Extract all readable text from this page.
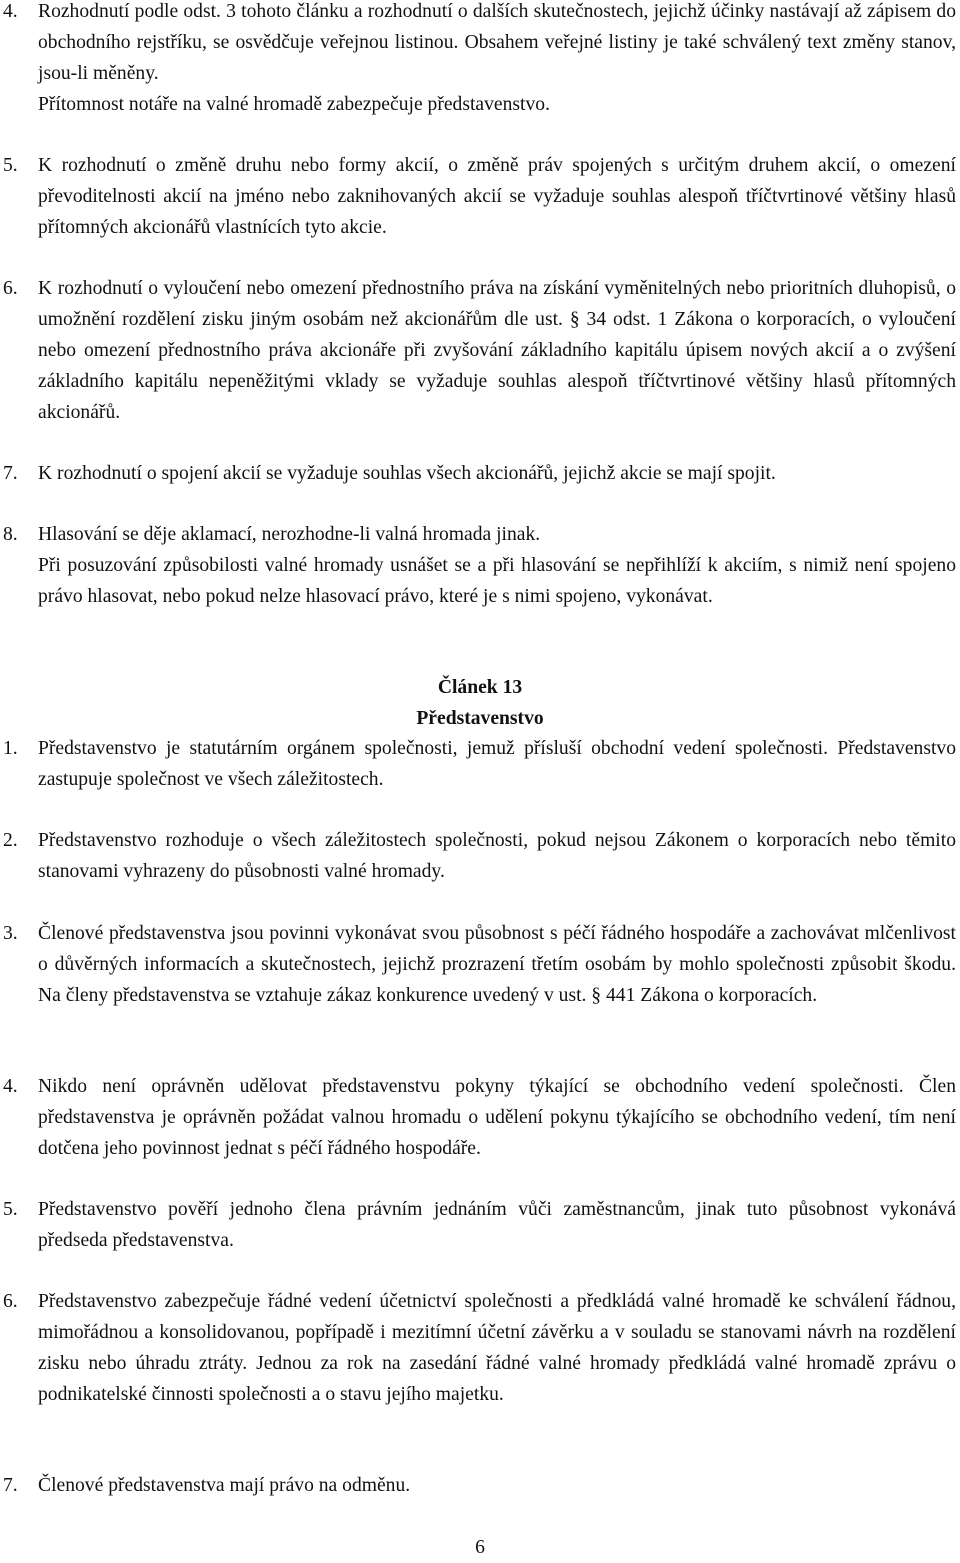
4. Rozhodnutí podle odst. 3 tohoto článku a rozhodnutí o dalších skutečnostech, jejichž účinky nastávají až zápisem do obchodního rejstříku, se osvědčuje veřejnou listinou. Obsahem veřejné listiny je také schválený text změny stanov, jsou-li měněny.

Přítomnost notáře na valné hromadě zabezpečuje představenstvo.

5. K rozhodnutí o změně druhu nebo formy akcií, o změně práv spojených s určitým druhem akcií, o omezení převoditelnosti akcií na jméno nebo zaknihovaných akcií se vyžaduje souhlas alespoň tříčtvrtinové většiny hlasů přítomných akcionářů vlastnících tyto akcie.

6. K rozhodnutí o vyloučení nebo omezení přednostního práva na získání vyměnitelných nebo prioritních dluhopisů, o umožnění rozdělení zisku jiným osobám než akcionářům dle ust. § 34 odst. 1 Zákona o korporacích, o vyloučení nebo omezení přednostního práva akcionáře při zvyšování základního kapitálu úpisem nových akcií a o zvýšení základního kapitálu nepeněžitými vklady se vyžaduje souhlas alespoň tříčtvrtinové většiny hlasů přítomných akcionářů.

7. K rozhodnutí o spojení akcií se vyžaduje souhlas všech akcionářů, jejichž akcie se mají spojit.

8. Hlasování se děje aklamací, nerozhodne-li valná hromada jinak.

Při posuzování způsobilosti valné hromady usnášet se a při hlasování se nepřihlíží k akciím, s nimiž není spojeno právo hlasovat, nebo pokud nelze hlasovací právo, které je s nimi spojeno, vykonávat.

Článek 13
Představenstvo
1. Představenstvo je statutárním orgánem společnosti, jemuž přísluší obchodní vedení společnosti. Představenstvo zastupuje společnost ve všech záležitostech.

2. Představenstvo rozhoduje o všech záležitostech společnosti, pokud nejsou Zákonem o korporacích nebo těmito stanovami vyhrazeny do působnosti valné hromady.

3. Členové představenstva jsou povinni vykonávat svou působnost s péčí řádného hospodáře a zachovávat mlčenlivost o důvěrných informacích a skutečnostech, jejichž prozrazení třetím osobám by mohlo společnosti způsobit škodu. Na členy představenstva se vztahuje zákaz konkurence uvedený v ust. § 441 Zákona o korporacích.

4. Nikdo není oprávněn udělovat představenstvu pokyny týkající se obchodního vedení společnosti. Člen představenstva je oprávněn požádat valnou hromadu o udělení pokynu týkajícího se obchodního vedení, tím není dotčena jeho povinnost jednat s péčí řádného hospodáře.

5. Představenstvo pověří jednoho člena právním jednáním vůči zaměstnancům, jinak tuto působnost vykonává předseda představenstva.

6. Představenstvo zabezpečuje řádné vedení účetnictví společnosti a předkládá valné hromadě ke schválení řádnou, mimořádnou a konsolidovanou, popřípadě i mezitímní účetní závěrku a v souladu se stanovami návrh na rozdělení zisku nebo úhradu ztráty. Jednou za rok na zasedání řádné valné hromady předkládá valné hromadě zprávu o podnikatelské činnosti společnosti a o stavu jejího majetku.

7. Členové představenstva mají právo na odměnu.

6
